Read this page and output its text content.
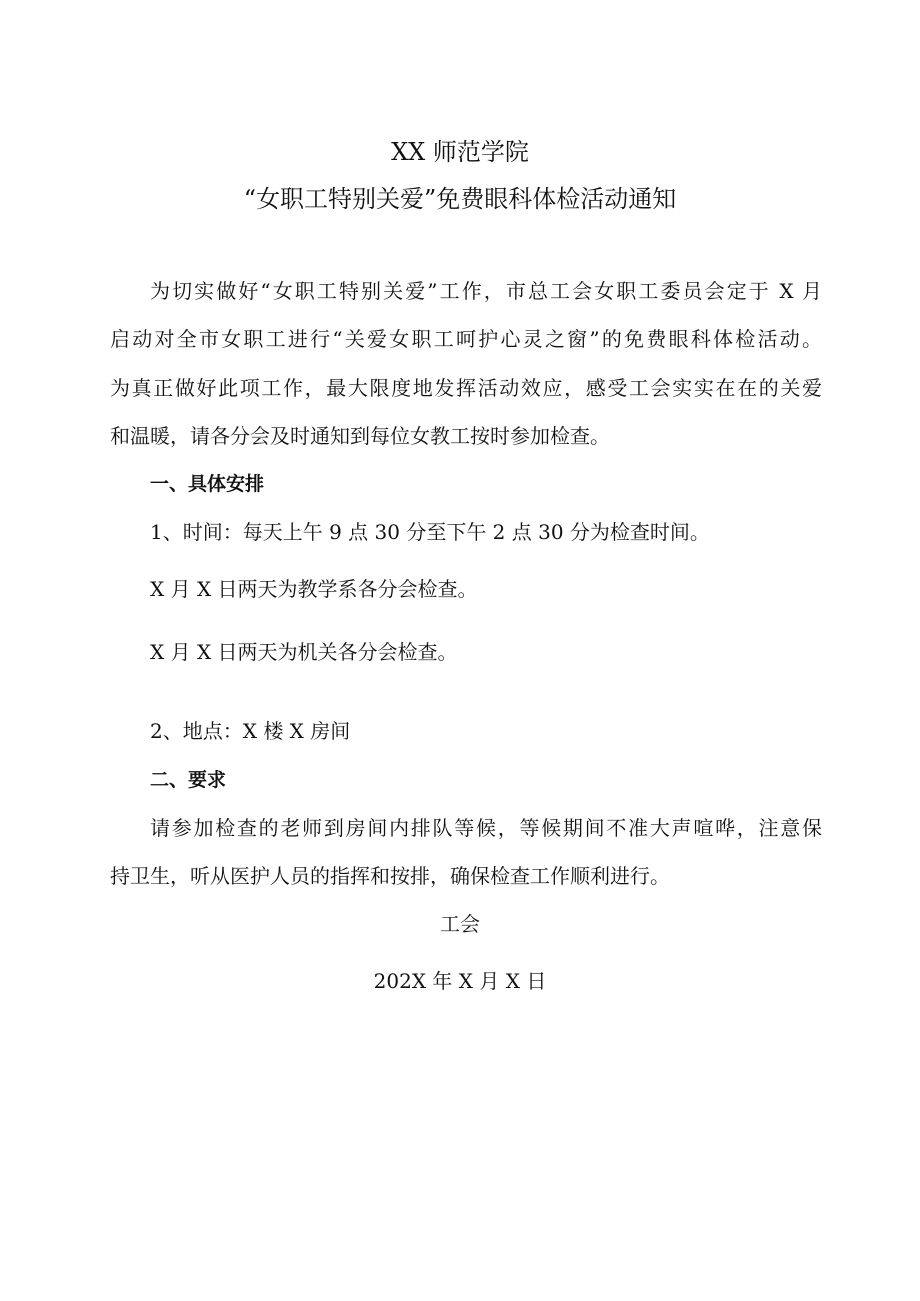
XX 师范学院
“女职工特别关爱”免费眼科体检活动通知
为切实做好“女职工特别关爱”工作，市总工会女职工委员会定于 X 月
启动对全市女职工进行“关爱女职工呵护心灵之窗”的免费眼科体检活动。
为真正做好此项工作，最大限度地发挥活动效应，感受工会实实在在的关爱
和温暖，请各分会及时通知到每位女教工按时参加检查。
一、具体安排
1、时间：每天上午 9 点 30 分至下午 2 点 30 分为检查时间。
X 月 X 日两天为教学系各分会检查。
X 月 X 日两天为机关各分会检查。
2、地点：X 楼 X 房间
二、要求
请参加检查的老师到房间内排队等候，等候期间不准大声喧哗，注意保
持卫生，听从医护人员的指挥和按排，确保检查工作顺利进行。
工会
202X 年 X 月 X 日
